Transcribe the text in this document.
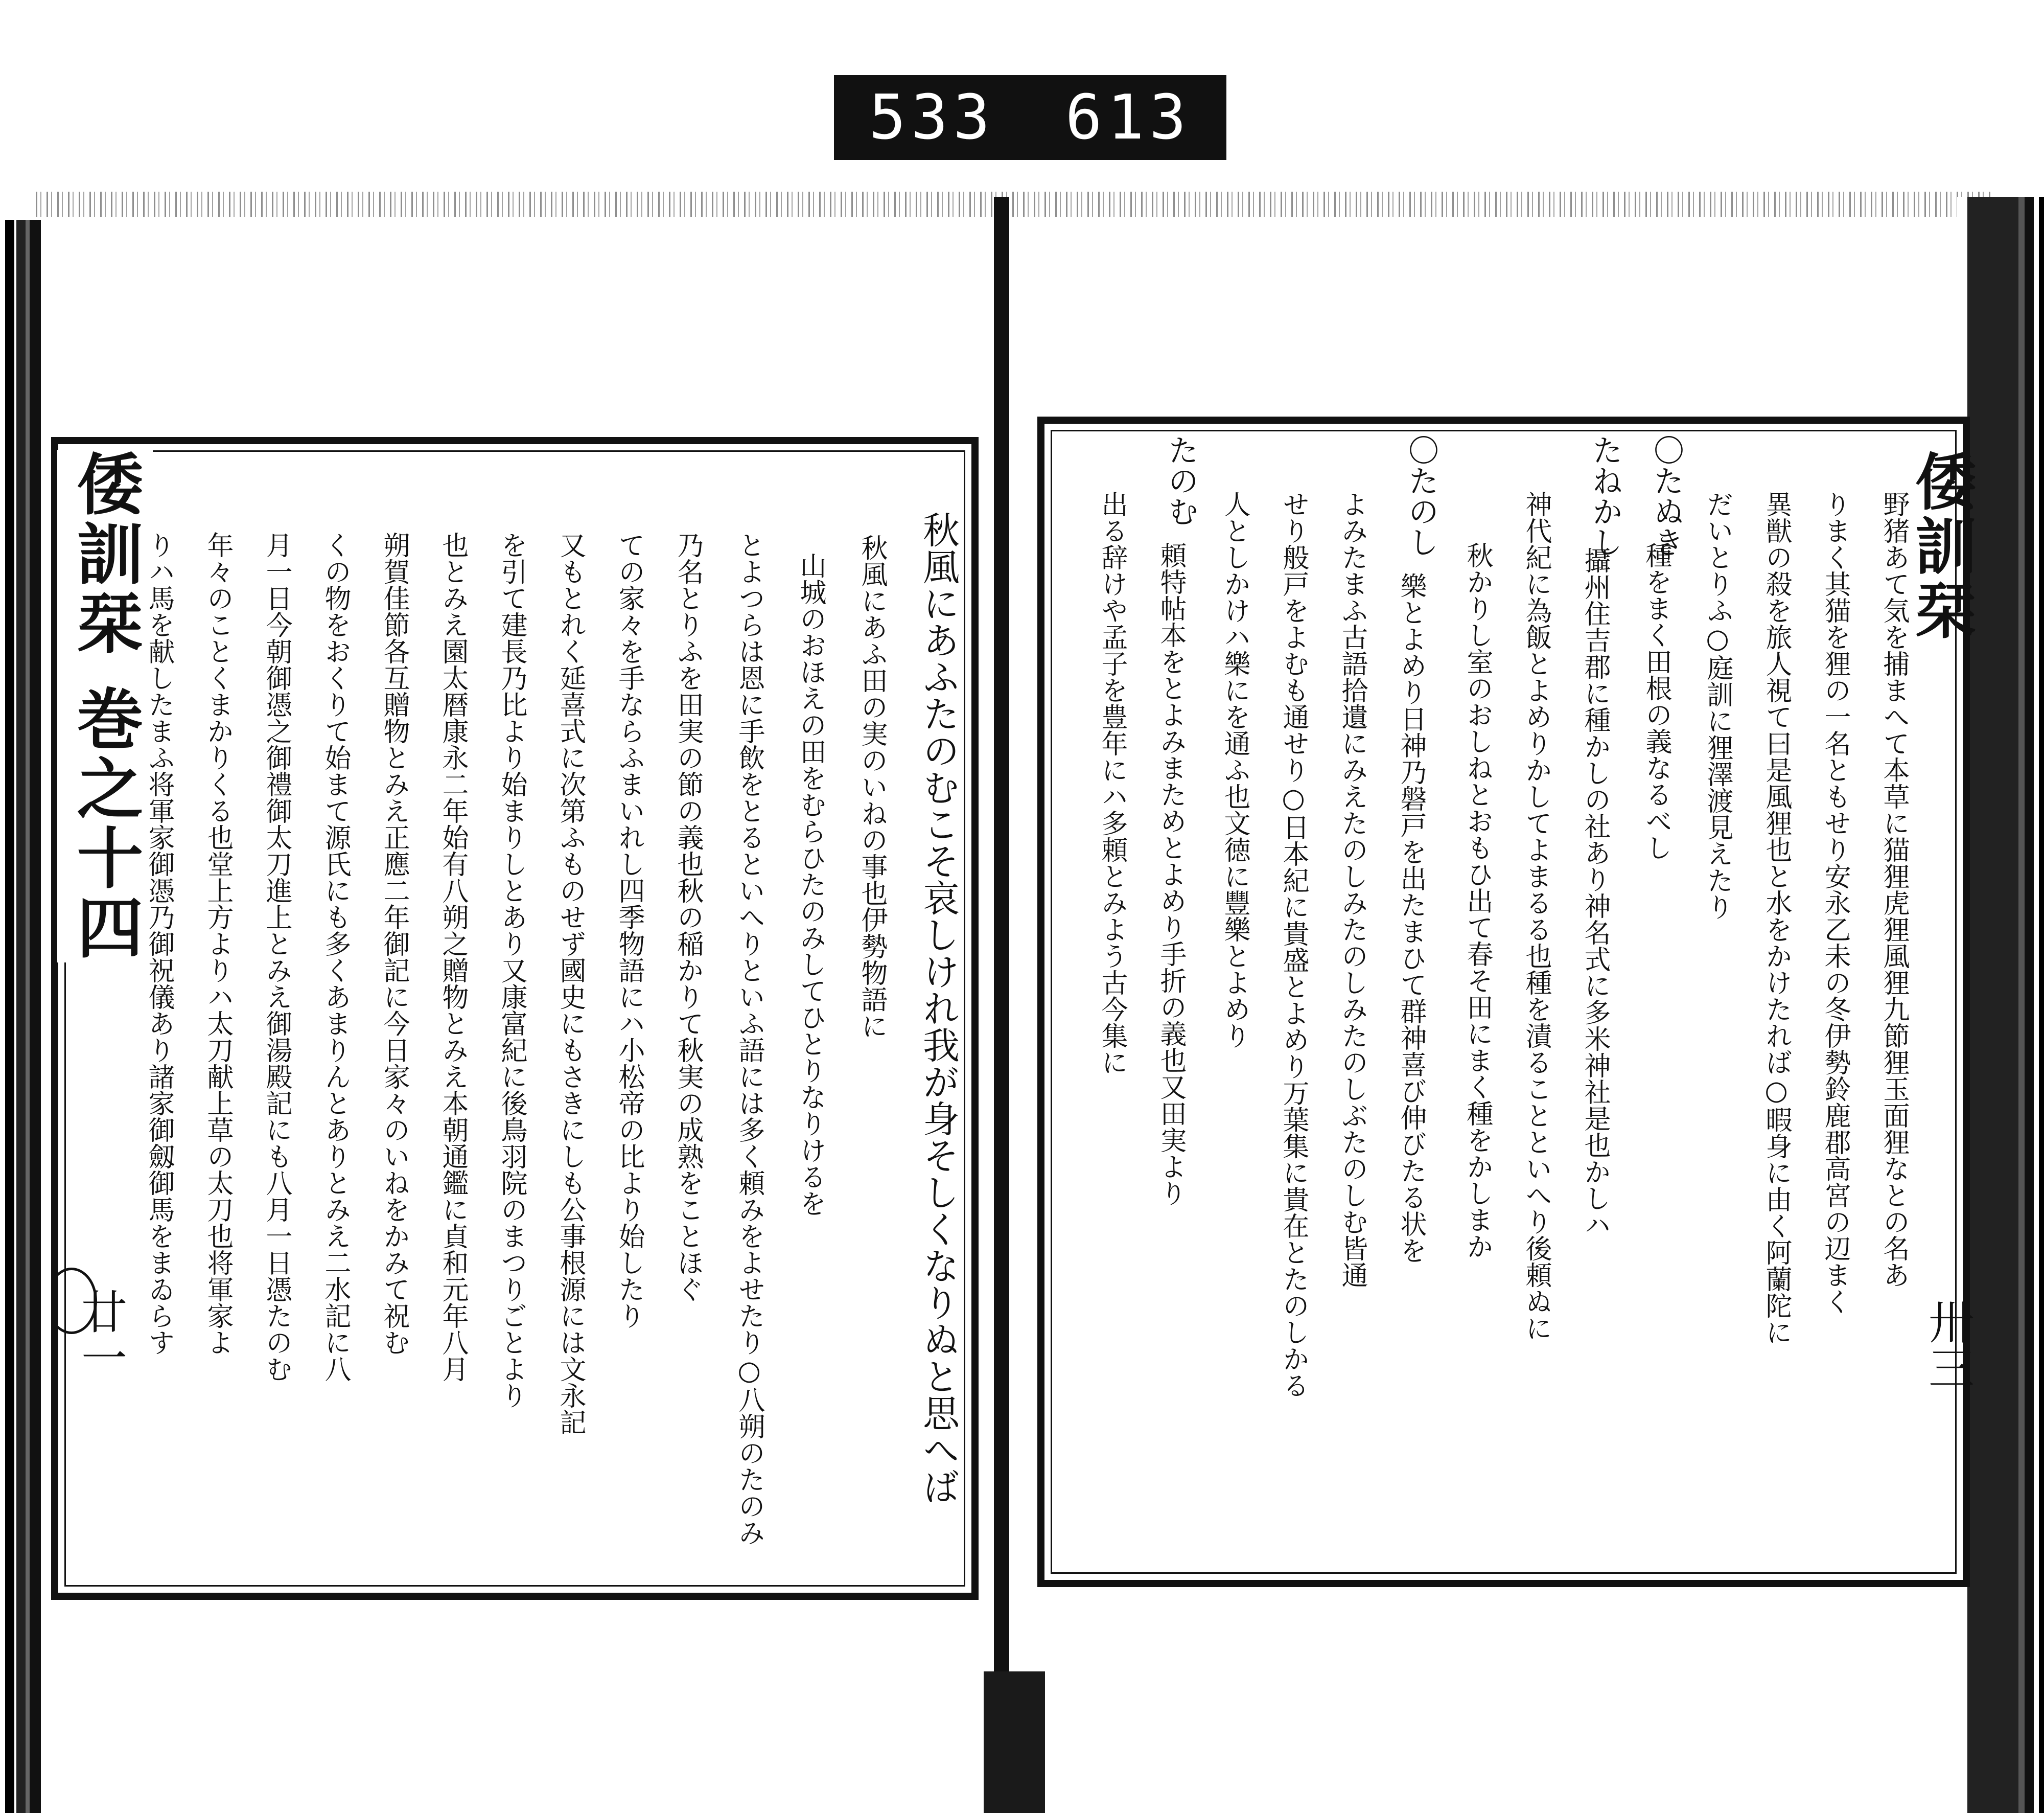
533 613
倭訓栞 巻之十四
廿一	秋風にあふたのむこそ哀しけれ我が身そしくなりぬと思へば
秋風にあふ田の実のいねの事也伊勢物語に
山城のおほえの田をむらひたのみしてひとりなりけるを
とよつらは恩に手飲をとるといへりといふ語には多く頼みをよせたり○八朔のたのみ
乃名とりふを田実の節の義也秋の稲かりて秋実の成熟をことほぐ
ての家々を手ならふまいれし四季物語にハ小松帝の比より始したり
又もとれく延喜式に次第ふものせず國史にもさきにしも公事根源には文永記
を引て建長乃比より始まりしとあり又康富紀に後鳥羽院のまつりごとより
也とみえ園太暦康永二年始有八朔之贈物とみえ本朝通鑑に貞和元年八月
朔賀佳節各互贈物とみえ正應二年御記に今日家々のいねをかみて祝む
くの物をおくりて始まて源氏にも多くあまりんとありとみえ二水記に八
月一日今朝御憑之御禮御太刀進上とみえ御湯殿記にも八月一日憑たのむ
年々のことくまかりくる也堂上方よりハ太刀献上草の太刀也将軍家よ
りハ馬を献したまふ将軍家御憑乃御祝儀あり諸家御劔御馬をまゐらす	倭訓栞
卅三
野猪あて気を捕まへて本草に猫狸虎狸風狸九節狸玉面狸なとの名あ
りまく其猫を狸の一名ともせり安永乙未の冬伊勢鈴鹿郡高宮の辺まく
異獣の殺を旅人視て曰是風狸也と水をかけたれば○暇身に由く阿蘭陀に
だいとりふ○庭訓に狸澤渡見えたり
〇たぬき
種をまく田根の義なるべし
たねかし
攝州住吉郡に種かしの社あり神名式に多米神社是也かしハ
神代紀に為飯とよめりかしてよまるる也種を漬ることといへり後頼ぬに
秋かりし室のおしねとおもひ出て春そ田にまく種をかしまか
〇たのし
樂とよめり日神乃磐戸を出たまひて群神喜び伸びたる状を
よみたまふ古語拾遺にみえたのしみたのしみたのしぶたのしむ皆通
せり般戸をよむも通せり○日本紀に貴盛とよめり万葉集に貴在とたのしかる
人としかけハ樂にを通ふ也文徳に豐樂とよめり
たのむ
頼特帖本をとよみまためとよめり手折の義也又田実より
出る辞けや孟子を豊年にハ多頼とみよう古今集に
